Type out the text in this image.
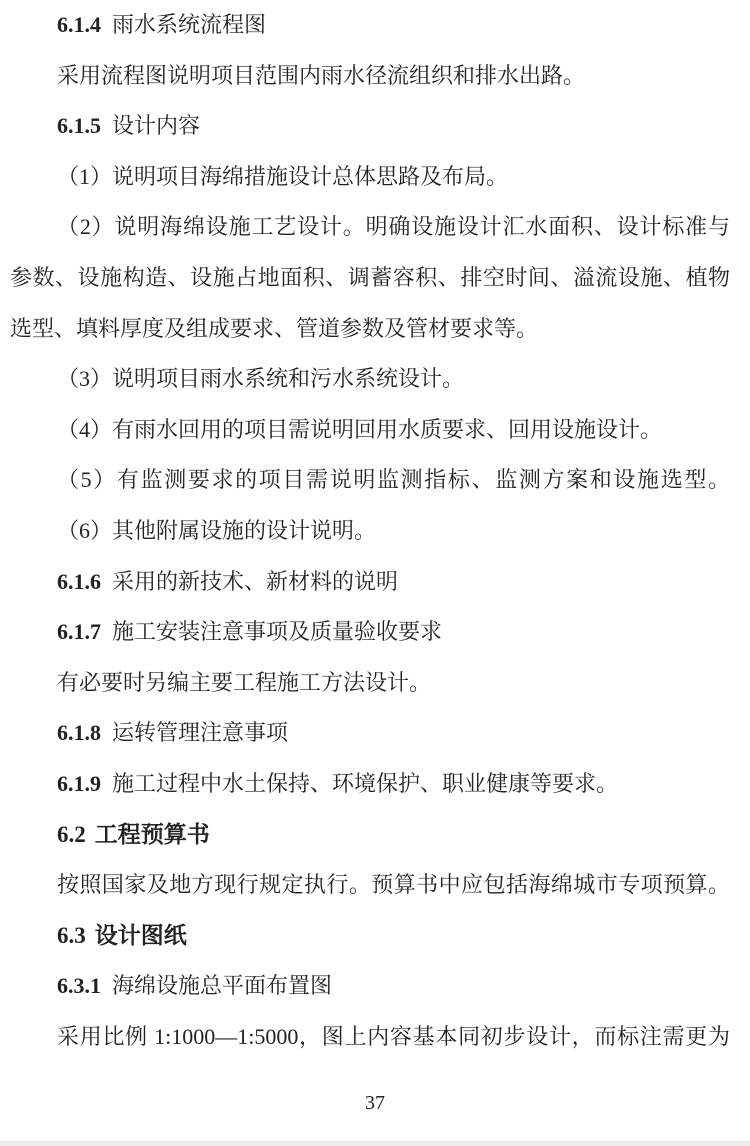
6.1.4 雨水系统流程图
采用流程图说明项目范围内雨水径流组织和排水出路。
6.1.5 设计内容
（1）说明项目海绵措施设计总体思路及布局。
（2）说明海绵设施工艺设计。明确设施设计汇水面积、设计标准与
参数、设施构造、设施占地面积、调蓄容积、排空时间、溢流设施、植物
选型、填料厚度及组成要求、管道参数及管材要求等。
（3）说明项目雨水系统和污水系统设计。
（4）有雨水回用的项目需说明回用水质要求、回用设施设计。
（5）有监测要求的项目需说明监测指标、监测方案和设施选型。
（6）其他附属设施的设计说明。
6.1.6 采用的新技术、新材料的说明
6.1.7 施工安装注意事项及质量验收要求
有必要时另编主要工程施工方法设计。
6.1.8 运转管理注意事项
6.1.9 施工过程中水土保持、环境保护、职业健康等要求。
6.2 工程预算书
按照国家及地方现行规定执行。预算书中应包括海绵城市专项预算。
6.3 设计图纸
6.3.1 海绵设施总平面布置图
采用比例 1:1000—1:5000，图上内容基本同初步设计，而标注需更为
37
